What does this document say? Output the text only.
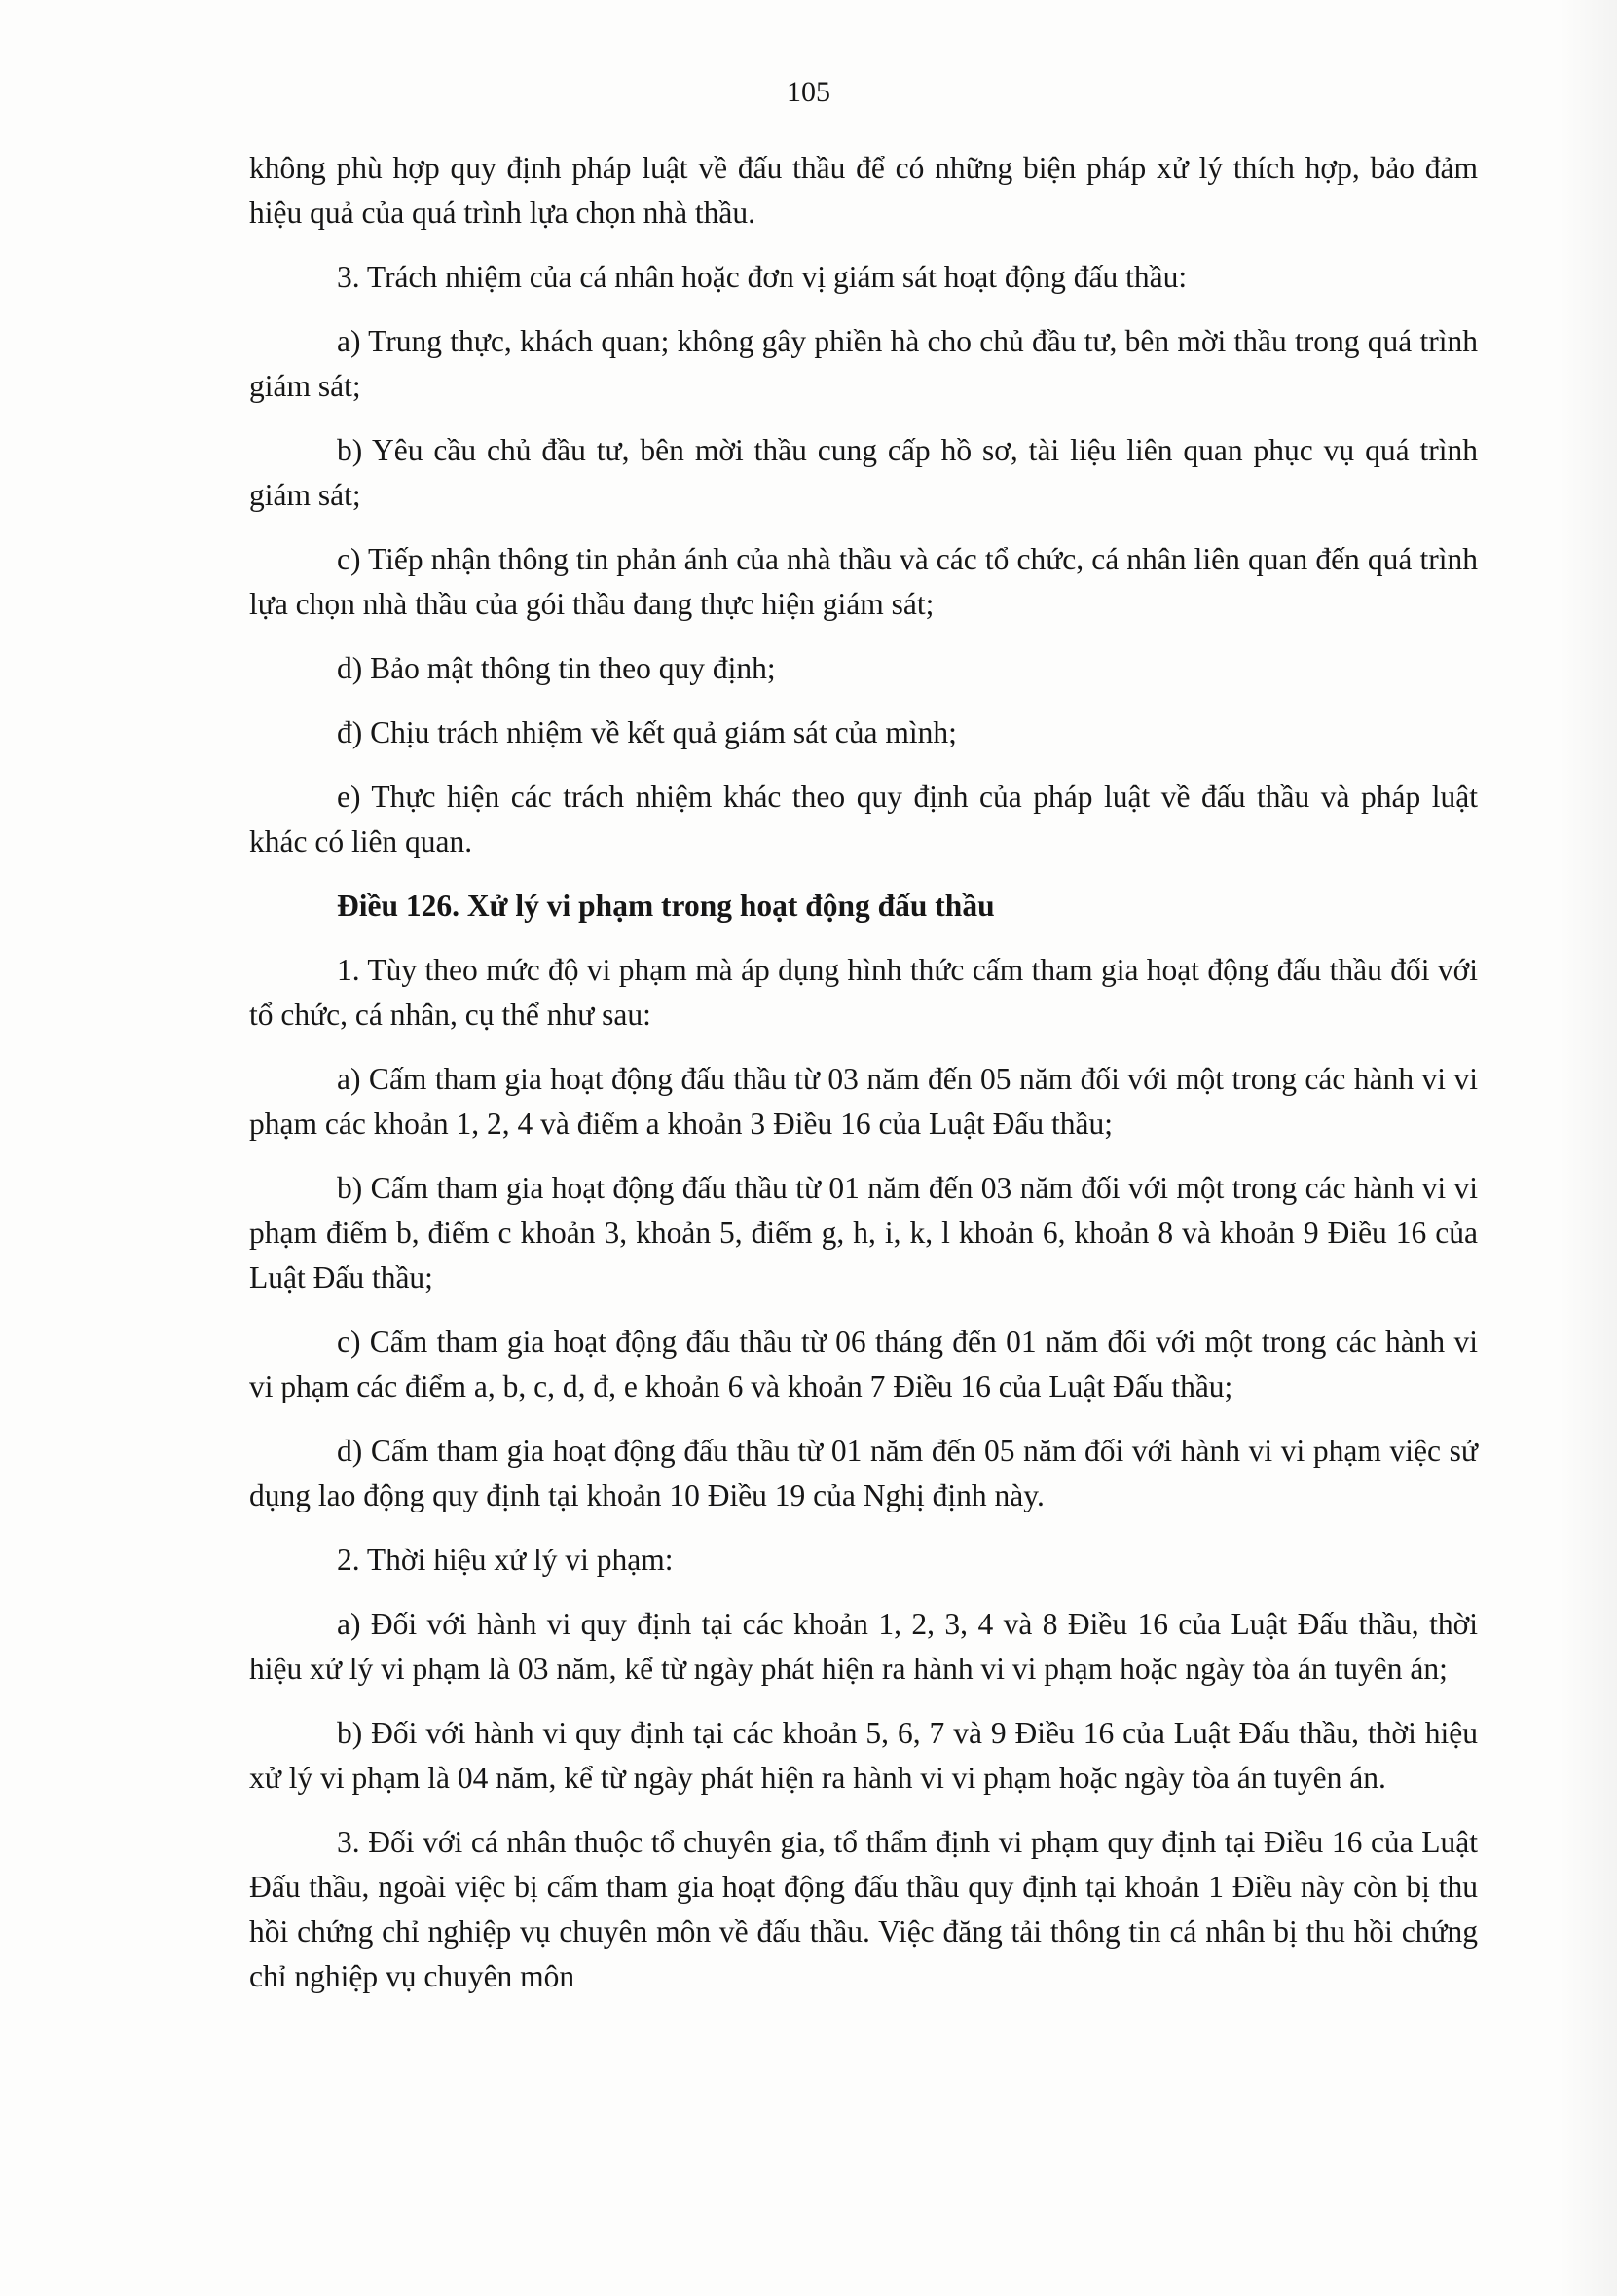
105

không phù hợp quy định pháp luật về đấu thầu để có những biện pháp xử lý thích hợp, bảo đảm hiệu quả của quá trình lựa chọn nhà thầu.

3. Trách nhiệm của cá nhân hoặc đơn vị giám sát hoạt động đấu thầu:

a) Trung thực, khách quan; không gây phiền hà cho chủ đầu tư, bên mời thầu trong quá trình giám sát;

b) Yêu cầu chủ đầu tư, bên mời thầu cung cấp hồ sơ, tài liệu liên quan phục vụ quá trình giám sát;

c) Tiếp nhận thông tin phản ánh của nhà thầu và các tổ chức, cá nhân liên quan đến quá trình lựa chọn nhà thầu của gói thầu đang thực hiện giám sát;

d) Bảo mật thông tin theo quy định;

đ) Chịu trách nhiệm về kết quả giám sát của mình;

e) Thực hiện các trách nhiệm khác theo quy định của pháp luật về đấu thầu và pháp luật khác có liên quan.

Điều 126. Xử lý vi phạm trong hoạt động đấu thầu

1. Tùy theo mức độ vi phạm mà áp dụng hình thức cấm tham gia hoạt động đấu thầu đối với tổ chức, cá nhân, cụ thể như sau:

a) Cấm tham gia hoạt động đấu thầu từ 03 năm đến 05 năm đối với một trong các hành vi vi phạm các khoản 1, 2, 4 và điểm a khoản 3 Điều 16 của Luật Đấu thầu;

b) Cấm tham gia hoạt động đấu thầu từ 01 năm đến 03 năm đối với một trong các hành vi vi phạm điểm b, điểm c khoản 3, khoản 5, điểm g, h, i, k, l khoản 6, khoản 8 và khoản 9 Điều 16 của Luật Đấu thầu;

c) Cấm tham gia hoạt động đấu thầu từ 06 tháng đến 01 năm đối với một trong các hành vi vi phạm các điểm a, b, c, d, đ, e khoản 6 và khoản 7 Điều 16 của Luật Đấu thầu;

d) Cấm tham gia hoạt động đấu thầu từ 01 năm đến 05 năm đối với hành vi vi phạm việc sử dụng lao động quy định tại khoản 10 Điều 19 của Nghị định này.

2. Thời hiệu xử lý vi phạm:

a) Đối với hành vi quy định tại các khoản 1, 2, 3, 4 và 8 Điều 16 của Luật Đấu thầu, thời hiệu xử lý vi phạm là 03 năm, kể từ ngày phát hiện ra hành vi vi phạm hoặc ngày tòa án tuyên án;

b) Đối với hành vi quy định tại các khoản 5, 6, 7 và 9 Điều 16 của Luật Đấu thầu, thời hiệu xử lý vi phạm là 04 năm, kể từ ngày phát hiện ra hành vi vi phạm hoặc ngày tòa án tuyên án.

3. Đối với cá nhân thuộc tổ chuyên gia, tổ thẩm định vi phạm quy định tại Điều 16 của Luật Đấu thầu, ngoài việc bị cấm tham gia hoạt động đấu thầu quy định tại khoản 1 Điều này còn bị thu hồi chứng chỉ nghiệp vụ chuyên môn về đấu thầu. Việc đăng tải thông tin cá nhân bị thu hồi chứng chỉ nghiệp vụ chuyên môn
